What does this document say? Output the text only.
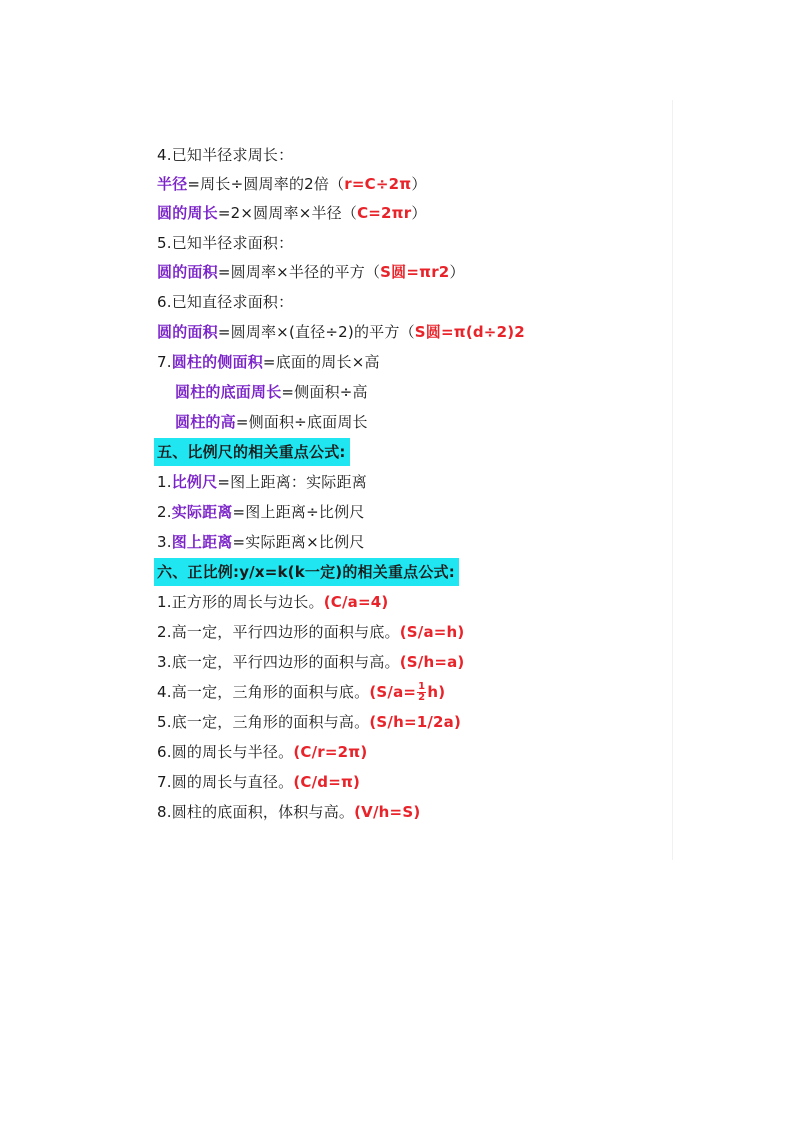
4.已知半径求周长：
半径=周长÷圆周率的2倍（r=C÷2π）
圆的周长=2×圆周率×半径（C=2πr）
5.已知半径求面积：
圆的面积=圆周率×半径的平方（S圆=πr2）
6.已知直径求面积：
圆的面积=圆周率×(直径÷2)的平方（S圆=π(d÷2)2
7.圆柱的侧面积=底面的周长×高
圆柱的底面周长=侧面积÷高
圆柱的高=侧面积÷底面周长
五、比例尺的相关重点公式:
1.比例尺=图上距离：实际距离
2.实际距离=图上距离÷比例尺
3.图上距离=实际距离×比例尺
六、正比例:y/x=k(k一定)的相关重点公式:
1.正方形的周长与边长。(C/a=4)
2.高一定，平行四边形的面积与底。(S/a=h)
3.底一定，平行四边形的面积与高。(S/h=a)
4.高一定，三角形的面积与底。$(S/a= \frac{1}{2} h)$
5.底一定，三角形的面积与高。(S/h=1/2a)
6.圆的周长与半径。(C/r=2π)
7.圆的周长与直径。(C/d=π)
8.圆柱的底面积，体积与高。(V/h=S)
